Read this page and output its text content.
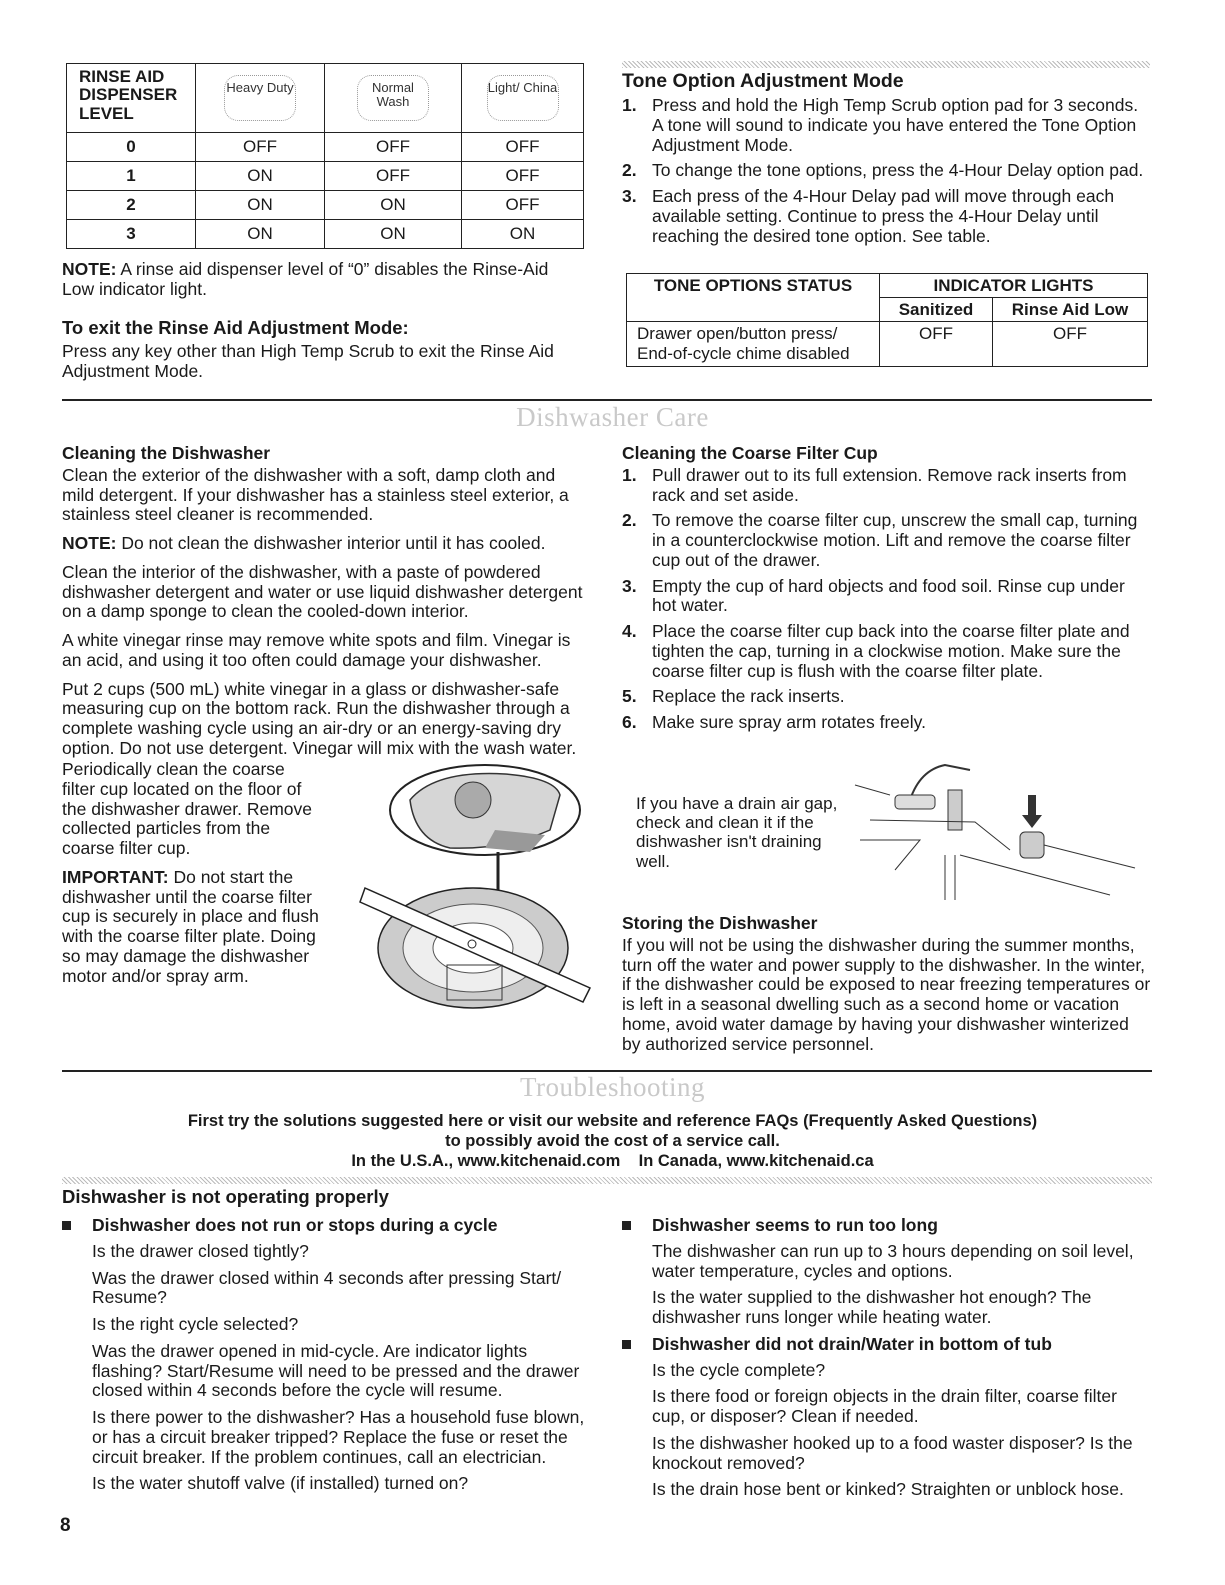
RINSE AID DISPENSER LEVEL	Heavy Duty	Normal Wash	Light/ China
0	OFF	OFF	OFF
1	ON	OFF	OFF
2	ON	ON	OFF
3	ON	ON	ON
NOTE: A rinse aid dispenser level of “0” disables the Rinse-Aid Low indicator light.
To exit the Rinse Aid Adjustment Mode:
Press any key other than High Temp Scrub to exit the Rinse Aid Adjustment Mode.
Tone Option Adjustment Mode
1. Press and hold the High Temp Scrub option pad for 3 seconds. A tone will sound to indicate you have entered the Tone Option Adjustment Mode.
2. To change the tone options, press the 4-Hour Delay option pad.
3. Each press of the 4-Hour Delay pad will move through each available setting. Continue to press the 4-Hour Delay until reaching the desired tone option. See table.
TONE OPTIONS STATUS	INDICATOR LIGHTS	
	Sanitized	Rinse Aid Low
Drawer open/button press/ End-of-cycle chime disabled	OFF	OFF
Dishwasher Care

Cleaning the Dishwasher

Clean the exterior of the dishwasher with a soft, damp cloth and mild detergent. If your dishwasher has a stainless steel exterior, a stainless steel cleaner is recommended.

NOTE: Do not clean the dishwasher interior until it has cooled.

Clean the interior of the dishwasher, with a paste of powdered dishwasher detergent and water or use liquid dishwasher detergent on a damp sponge to clean the cooled-down interior.

A white vinegar rinse may remove white spots and film. Vinegar is an acid, and using it too often could damage your dishwasher.

Put 2 cups (500 mL) white vinegar in a glass or dishwasher-safe measuring cup on the bottom rack. Run the dishwasher through a complete washing cycle using an air-dry or an energy-saving dry option. Do not use detergent. Vinegar will mix with the wash water.

Periodically clean the coarse filter cup located on the floor of the dishwasher drawer. Remove collected particles from the coarse filter cup.

IMPORTANT: Do not start the dishwasher until the coarse filter cup is securely in place and flush with the coarse filter plate. Doing so may damage the dishwasher motor and/or spray arm.

Cleaning the Coarse Filter Cup

1. Pull drawer out to its full extension. Remove rack inserts from rack and set aside.
2. To remove the coarse filter cup, unscrew the small cap, turning in a counterclockwise motion. Lift and remove the coarse filter cup out of the drawer.
3. Empty the cup of hard objects and food soil. Rinse cup under hot water.
4. Place the coarse filter cup back into the coarse filter plate and tighten the cap, turning in a clockwise motion. Make sure the coarse filter cup is flush with the coarse filter plate.
5. Replace the rack inserts.
6. Make sure spray arm rotates freely.
If you have a drain air gap, check and clean it if the dishwasher isn't draining well.

Storing the Dishwasher

If you will not be using the dishwasher during the summer months, turn off the water and power supply to the dishwasher. In the winter, if the dishwasher could be exposed to near freezing temperatures or is left in a seasonal dwelling such as a second home or vacation home, avoid water damage by having your dishwasher winterized by authorized service personnel.

Troubleshooting
First try the solutions suggested here or visit our website and reference FAQs (Frequently Asked Questions)
to possibly avoid the cost of a service call.
In the U.S.A., www.kitchenaid.com    In Canada, www.kitchenaid.ca
Dishwasher is not operating properly
Dishwasher does not run or stops during a cycle

Is the drawer closed tightly?

Was the drawer closed within 4 seconds after pressing Start/ Resume?

Is the right cycle selected?

Was the drawer opened in mid-cycle. Are indicator lights flashing? Start/Resume will need to be pressed and the drawer closed within 4 seconds before the cycle will resume.

Is there power to the dishwasher? Has a household fuse blown, or has a circuit breaker tripped? Replace the fuse or reset the circuit breaker. If the problem continues, call an electrician.

Is the water shutoff valve (if installed) turned on?

Dishwasher seems to run too long

The dishwasher can run up to 3 hours depending on soil level, water temperature, cycles and options.

Is the water supplied to the dishwasher hot enough? The dishwasher runs longer while heating water.

Dishwasher did not drain/Water in bottom of tub

Is the cycle complete?

Is there food or foreign objects in the drain filter, coarse filter cup, or disposer? Clean if needed.

Is the dishwasher hooked up to a food waster disposer? Is the knockout removed?

Is the drain hose bent or kinked? Straighten or unblock hose.

8
